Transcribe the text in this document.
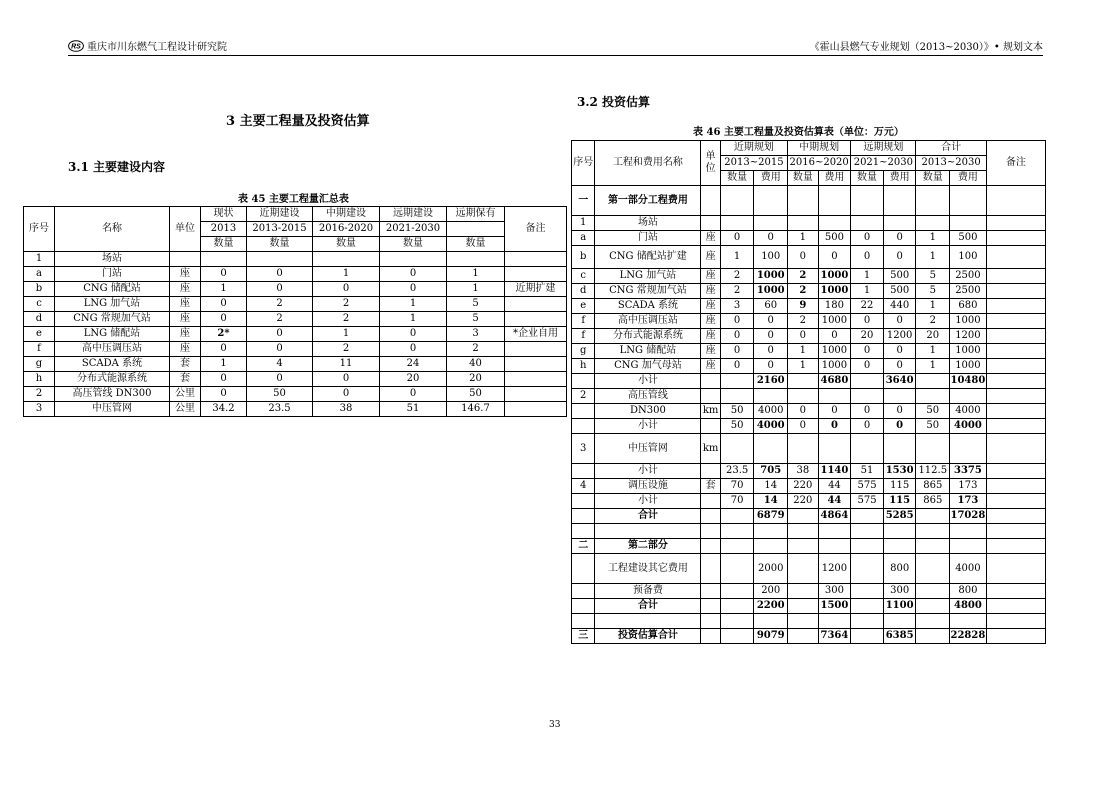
RS 重庆市川东燃气工程设计研究院	《霍山县燃气专业规划（2013~2030）》• 规划文本
3 主要工程量及投资估算
3.1 主要建设内容
表 45 主要工程量汇总表
序号	名称	单位	现状	近期建设	中期建设	远期建设	远期保有	备注
			2013	2013-2015	2016-2020	2021-2030		
			数量	数量	数量	数量	数量	
1	场站							
a	门站	座	0	0	1	0	1	
b	CNG 储配站	座	1	0	0	0	1	近期扩建
c	LNG 加气站	座	0	2	2	1	5	
d	CNG 常规加气站	座	0	2	2	1	5	
e	LNG 储配站	座	2*	0	1	0	3	*企业自用
f	高中压调压站	座	0	0	2	0	2	
g	SCADA 系统	套	1	4	11	24	40	
h	分布式能源系统	套	0	0	0	20	20	
2	高压管线 DN300	公里	0	50	0	0	50	
3	中压管网	公里	34.2	23.5	38	51	146.7	
3.2 投资估算
表 46 主要工程量及投资估算表（单位：万元）
序号	工程和费用名称	单位	近期规划		中期规划		远期规划		合计		备注
			2013~2015		2016~2020		2021~2030		2013~2030		
			数量	费用	数量	费用	数量	费用	数量	费用	
一	第一部分工程费用										
1	场站										
a	门站	座	0	0	1	500	0	0	1	500	
b	CNG 储配站扩建	座	1	100	0	0	0	0	1	100	
c	LNG 加气站	座	2	1000	2	1000	1	500	5	2500	
d	CNG 常规加气站	座	2	1000	2	1000	1	500	5	2500	
e	SCADA 系统	座	3	60	9	180	22	440	1	680	
f	高中压调压站	座	0	0	2	1000	0	0	2	1000	
f	分布式能源系统	座	0	0	0	0	20	1200	20	1200	
g	LNG 储配站	座	0	0	1	1000	0	0	1	1000	
h	CNG 加气母站	座	0	0	1	1000	0	0	1	1000	
	小计			2160		4680		3640		10480	
2	高压管线										
	DN300	km	50	4000	0	0	0	0	50	4000	
	小计		50	4000	0	0	0	0	50	4000	
3	中压管网	km									
	小计		23.5	705	38	1140	51	1530	112.5	3375	
4	调压设施	套	70	14	220	44	575	115	865	173	
	小计		70	14	220	44	575	115	865	173	
	合计			6879		4864		5285		17028	

二	第二部分										
	工程建设其它费用			2000		1200		800		4000	
	预备费			200		300		300		800	
	合计			2200		1500		1100		4800	

三	投资估算合计			9079		7364		6385		22828	
33
